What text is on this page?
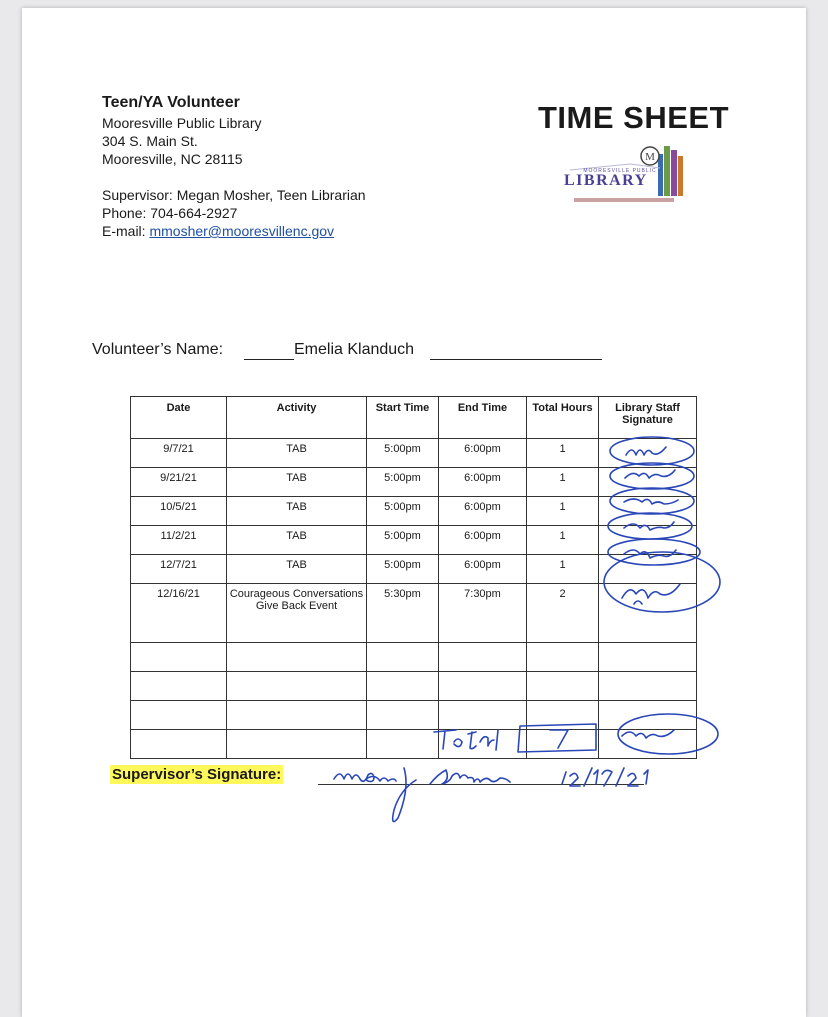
Teen/YA Volunteer
Mooresville Public Library
304 S. Main St.
Mooresville, NC 28115
Supervisor: Megan Mosher, Teen Librarian
Phone: 704-664-2927
E-mail: mmosher@mooresvillenc.gov
TIME SHEET
M
MOORESVILLE PUBLIC
LIBRARY
Volunteer’s Name:	Emelia Klanduch
Date	Activity	Start Time	End Time	Total Hours	Library Staff Signature
9/7/21	TAB	5:00pm	6:00pm	1	
9/21/21	TAB	5:00pm	6:00pm	1	
10/5/21	TAB	5:00pm	6:00pm	1	
11/2/21	TAB	5:00pm	6:00pm	1	
12/7/21	TAB	5:00pm	6:00pm	1	
12/16/21	Courageous Conversations Give Back Event	5:30pm	7:30pm	2	

Supervisor’s Signature:
